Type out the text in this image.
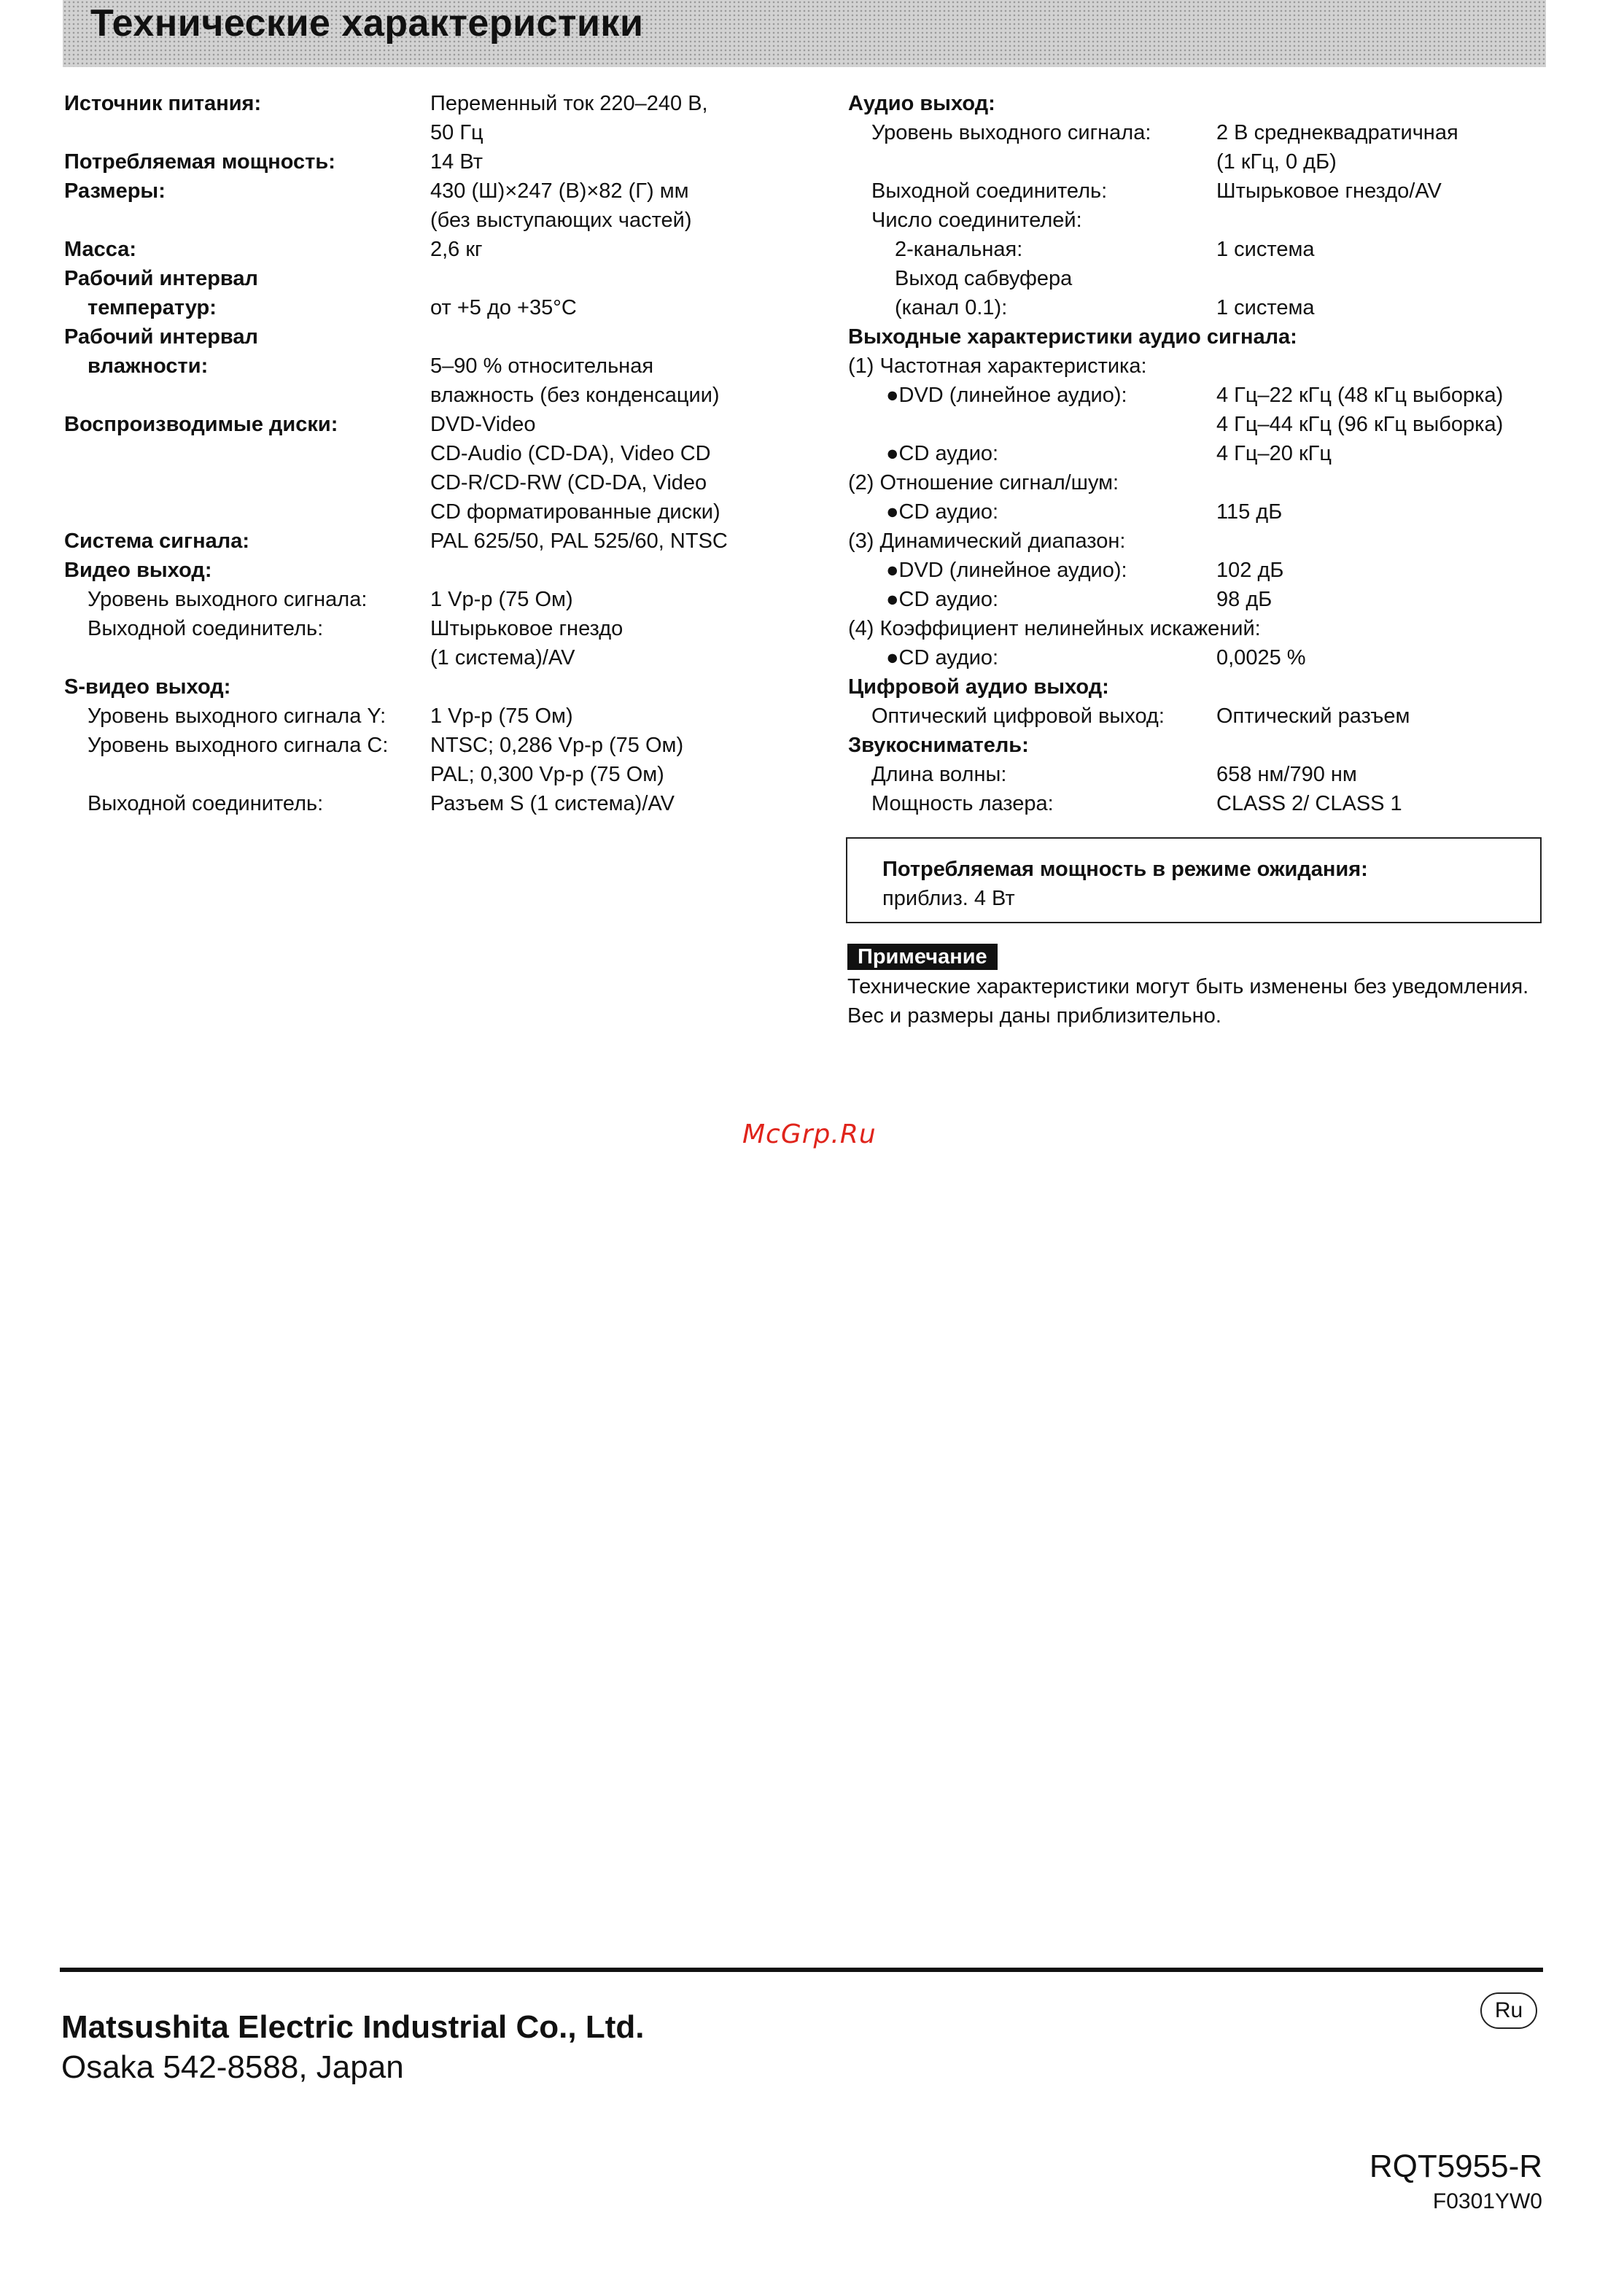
Технические характеристики
Источник питания:	Переменный ток 220–240 В,
50 Гц
Потребляемая мощность:	14 Вт
Размеры:	430 (Ш)×247 (В)×82 (Г) мм
(без выступающих частей)
Масса:	2,6 кг
Рабочий интервал
температур:	от +5 до +35°C
Рабочий интервал
влажности:	5–90 % относительная
влажность (без конденсации)
Воспроизводимые диски:	DVD-Video
CD-Audio (CD-DA), Video CD
CD-R/CD-RW (CD-DA, Video
CD форматированные диски)
Система сигнала:	PAL 625/50, PAL 525/60, NTSC
Видео выход:
Уровень выходного сигнала:	1 Vp-p (75 Ом)
Выходной соединитель:	Штырьковое гнездо
(1 система)/AV
S-видео выход:
Уровень выходного сигнала Y: 1 Vp-p (75 Ом)
Уровень выходного сигнала C: NTSC; 0,286 Vp-p (75 Ом)
PAL; 0,300 Vp-p (75 Ом)
Выходной соединитель:	Разъем S (1 система)/AV
Аудио выход:
Уровень выходного сигнала:	2 В среднеквадратичная
(1 кГц, 0 дБ)
Выходной соединитель:	Штырьковое гнездо/AV
Число соединителей:
2-канальная:	1 система
Выход сабвуфера
(канал 0.1):	1 система
Выходные характеристики аудио сигнала:
(1) Частотная характеристика:
●DVD (линейное аудио):	4 Гц–22 кГц (48 кГц выборка)
4 Гц–44 кГц (96 кГц выборка)
●CD аудио:	4 Гц–20 кГц
(2) Отношение сигнал/шум:
●CD аудио:	115 дБ
(3) Динамический диапазон:
●DVD (линейное аудио):	102 дБ
●CD аудио:	98 дБ
(4) Коэффициент нелинейных искажений:
●CD аудио:	0,0025 %
Цифровой аудио выход:
Оптический цифровой выход: Оптический разъем
Звукосниматель:
Длина волны:	658 нм/790 нм
Мощность лазера:	CLASS 2/ CLASS 1
Потребляемая мощность в режиме ожидания:
приблиз. 4 Вт
Примечание

Технические характеристики могут быть изменены без уведомления.

Вес и размеры даны приблизительно.

McGrp.Ru
Matsushita Electric Industrial Co., Ltd.
Osaka 542-8588, Japan
Ru
RQT5955-R
F0301YW0
